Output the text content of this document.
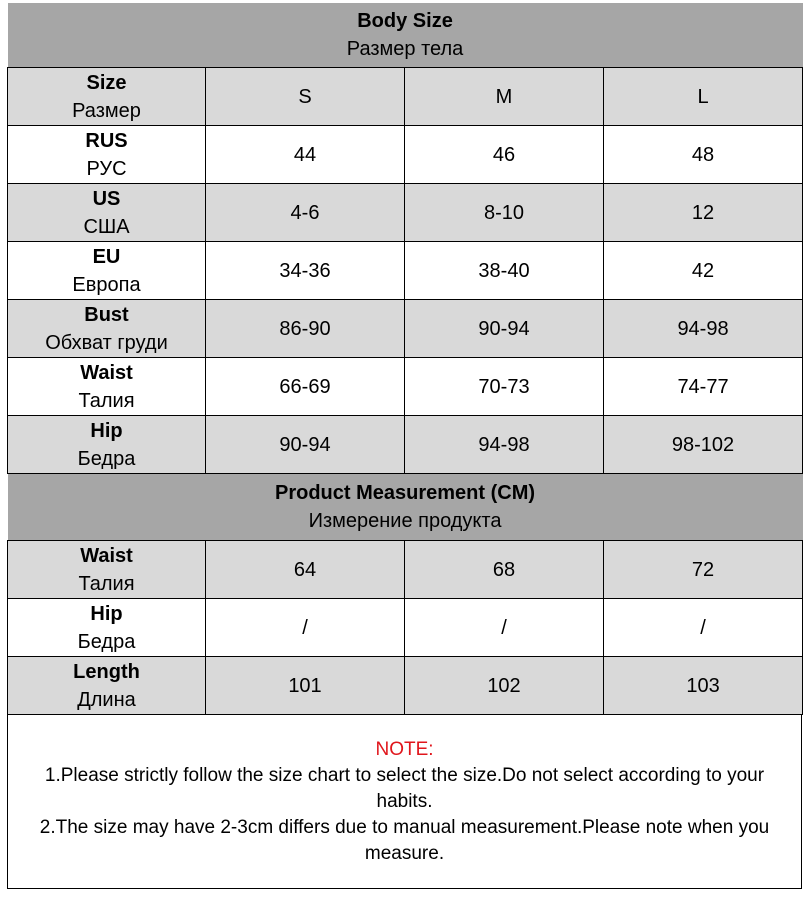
Body Size
Размер тела			

Size
Размер	S	M	L

RUS
РУС	44	46	48

US
США	4-6	8-10	12

EU
Европа	34-36	38-40	42

Bust
Обхват груди	86-90	90-94	94-98

Waist
Талия	66-69	70-73	74-77

Hip
Бедра	90-94	94-98	98-102

Product Measurement (CM)
Измерение продукта			

Waist
Талия	64	68	72

Hip
Бедра	/	/	/

Length
Длина	101	102	103
NOTE:
1.Please strictly follow the size chart to select the size.Do not select according to your habits.
2.The size may have 2-3cm differs due to manual measurement.Please note when you measure.
